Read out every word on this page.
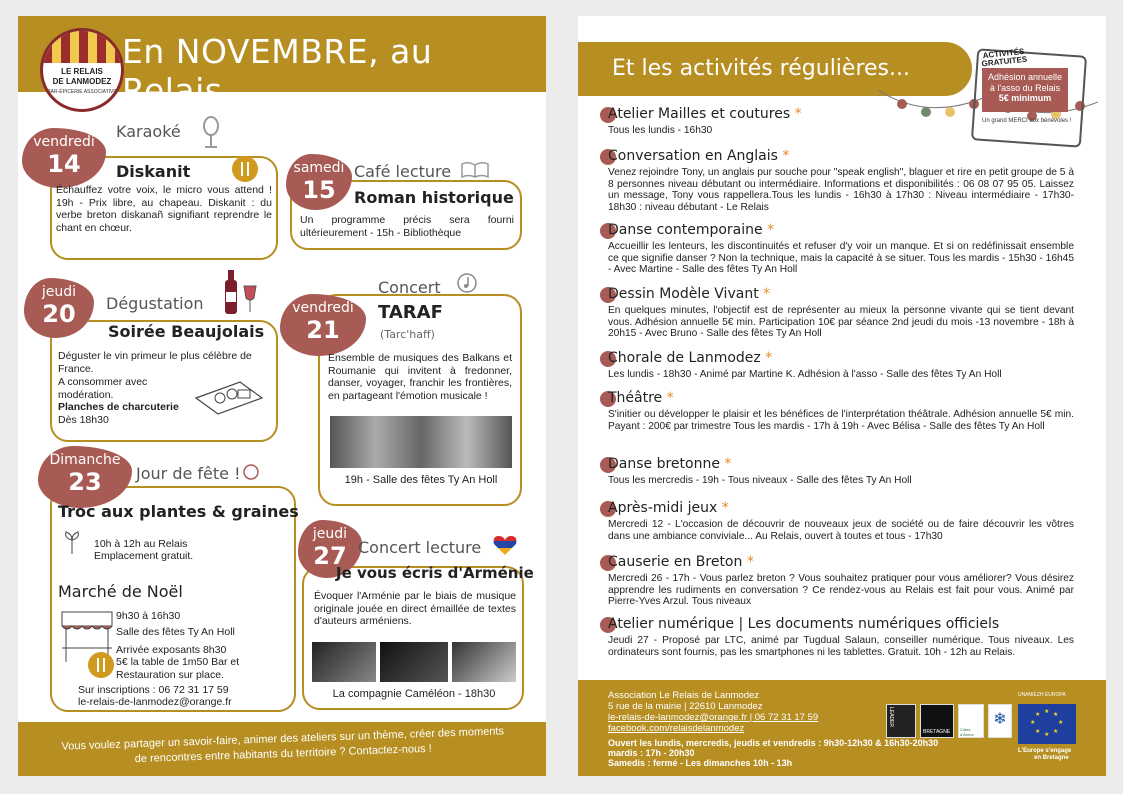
En NOVEMBRE, au Relais...
LE RELAIS
DE LANMODEZ
BAR-ÉPICERIE ASSOCIATIVE
vendredi
14
Karaoké
Diskanit
Échauffez votre voix, le micro vous attend ! 19h - Prix libre, au chapeau. Diskanit : du verbe breton diskanañ signifiant reprendre le chant en chœur.
samedi
15
Café lecture
Roman historique
Un programme précis sera fourni ultérieurement - 15h - Bibliothèque
jeudi
20	Dégustation
Soirée Beaujolais
Déguster le vin primeur le plus célèbre de France.
A consommer avec modération.
Planches de charcuterie
Dès 18h30
vendredi
21
Concert
TARAF
(Tarc'haff)
Ensemble de musiques des Balkans et Roumanie qui invitent à fredonner, danser, voyager, franchir les frontières, en partageant l'émotion musicale !
19h - Salle des fêtes Ty An Holl
Dimanche
23	Jour de fête !
Troc aux plantes & graines
10h à 12h au Relais
Emplacement gratuit.
Marché de Noël
9h30 à 16h30
Salle des fêtes Ty An Holl
Arrivée exposants 8h30
5€ la table de 1m50 Bar et Restauration sur place.
Sur inscriptions : 06 72 31 17 59
le-relais-de-lanmodez@orange.fr
jeudi
27 Concert lecture
Je vous écris d'Arménie
Évoquer l'Arménie par le biais de musique originale jouée en direct émaillée de textes d'auteurs arméniens.
La compagnie Caméléon - 18h30
Vous voulez partager un savoir-faire, animer des ateliers sur un thème, créer des moments de rencontres entre habitants du territoire ? Contactez-nous !
Et les activités régulières...
ACTIVITÉS GRATUITES
Adhésion annuelle
à l'asso du Relais
5€ minimum
Un grand MERCI aux bénévoles !
Atelier Mailles et coutures *
Tous les lundis - 16h30
Conversation en Anglais *
Venez rejoindre Tony, un anglais pur souche pour "speak english", blaguer et rire en petit groupe de 5 à 8 personnes niveau débutant ou intermédiaire. Informations et disponibilités : 06 08 07 95 05. Laissez un message, Tony vous rappellera.Tous les lundis - 16h30 à 17h30 : Niveau intermédiaire - 17h30-18h30 : niveau débutant - Le Relais
Danse contemporaine *
Accueillir les lenteurs, les discontinuités et refuser d'y voir un manque. Et si on redéfinissait ensemble ce que signifie danser ? Non la technique, mais la capacité à se situer. Tous les mardis - 15h30 - 16h45 - Avec Martine - Salle des fêtes Ty An Holl
Dessin Modèle Vivant *
En quelques minutes, l'objectif est de représenter au mieux la personne vivante qui se tient devant vous. Adhésion annuelle 5€ min. Participation 10€ par séance 2nd jeudi du mois -13 novembre - 18h à 20h15 - Avec Bruno - Salle des fêtes Ty An Holl
Chorale de Lanmodez *
Les lundis - 18h30 - Animé par Martine K. Adhésion à l'asso - Salle des fêtes Ty An Holl
Théâtre *
S'initier ou développer le plaisir et les bénéfices de l'interprétation théâtrale. Adhésion annuelle 5€ min. Payant : 200€ par trimestre Tous les mardis - 17h à 19h - Avec Bélisa - Salle des fêtes Ty An Holl
Danse bretonne *
Tous les mercredis - 19h - Tous niveaux - Salle des fêtes Ty An Holl
Après-midi jeux *
Mercredi 12 - L'occasion de découvrir de nouveaux jeux de société ou de faire découvrir les vôtres dans une ambiance conviviale... Au Relais, ouvert à toutes et tous - 17h30
Causerie en Breton *
Mercredi 26 - 17h - Vous parlez breton ? Vous souhaitez pratiquer pour vous améliorer? Vous désirez apprendre les rudiments en conversation ? Ce rendez-vous au Relais est fait pour vous. Animé par Pierre-Yves Arzul. Tous niveaux
Atelier numérique | Les documents numériques officiels
Jeudi 27 - Proposé par LTC, animé par Tugdual Salaun, conseiller numérique. Tous niveaux. Les ordinateurs sont fournis, pas les smartphones ni les tablettes. Gratuit. 10h - 12h au Relais.
Association Le Relais de Lanmodez
5 rue de la mairie | 22610 Lanmodez
le-relais-de-lanmodez@orange.fr | 06 72 31 17 59
facebook.com/relaisdelanmodez
Ouvert les lundis, mercredis, jeudis et vendredis : 9h30-12h30 & 16h30-20h30
mardis : 17h - 20h30
Samedis : fermé - Les dimanches 10h - 13h
LEADER
BRETAGNE Côtes d'Armor
❄
UNANIEZH EUROPA
★ ★
★
★
★
★
★
★
L'Europe s'engage
en Bretagne
